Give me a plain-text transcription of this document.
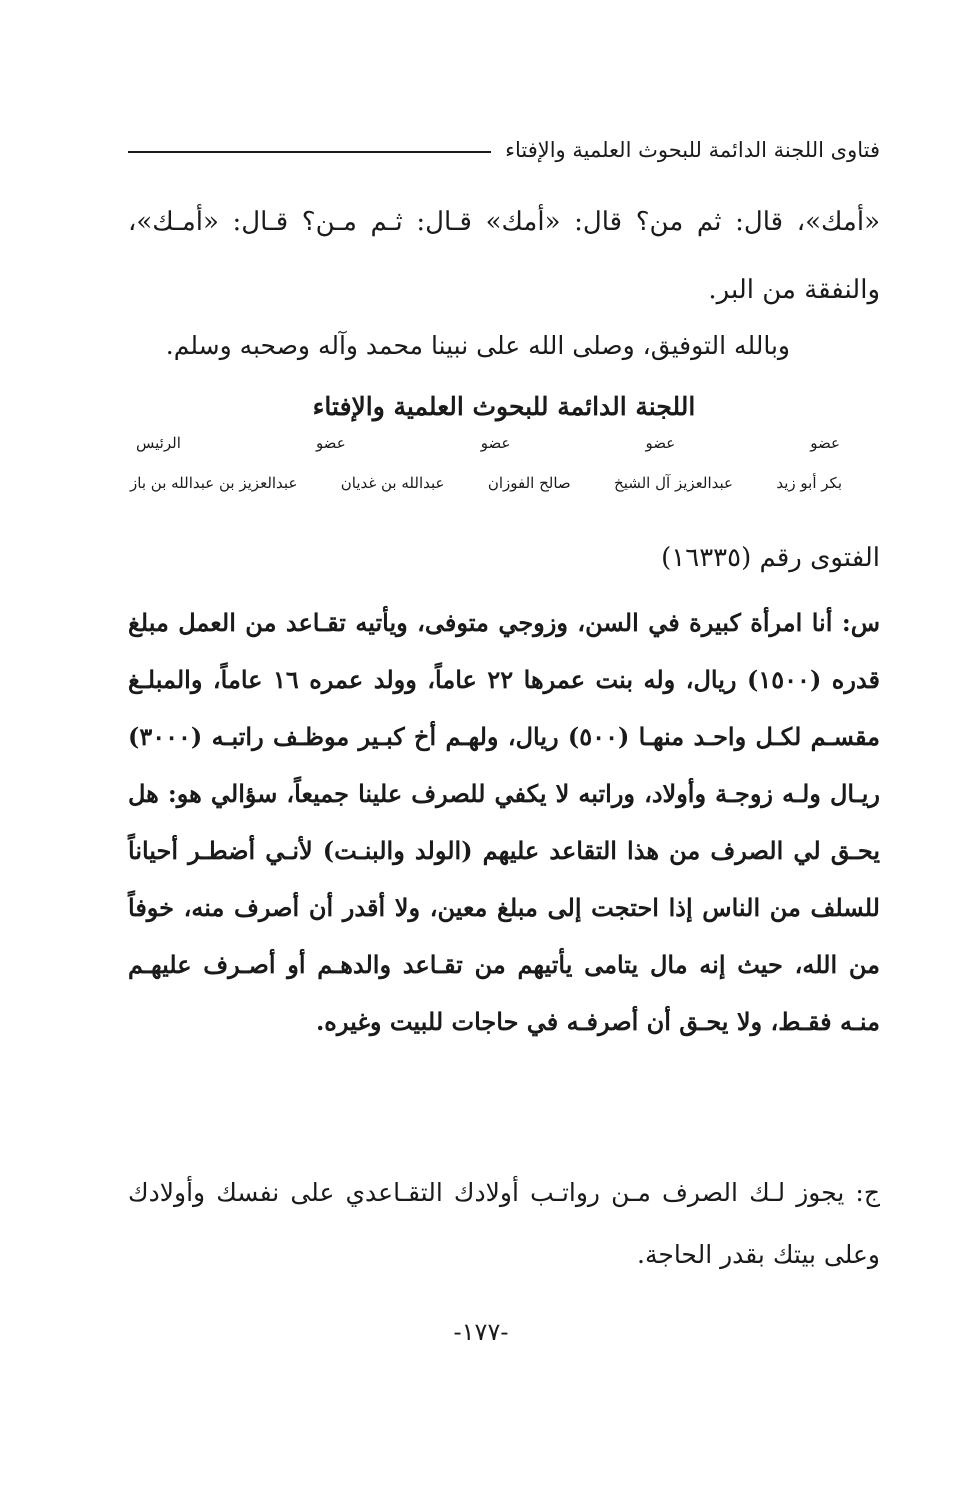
فتاوى اللجنة الدائمة للبحوث العلمية والإفتاء
«أمك»، قال: ثم من؟ قال: «أمك» قـال: ثـم مـن؟ قـال: «أمـك»، والنفقة من البر.
وبالله التوفيق، وصلى الله على نبينا محمد وآله وصحبه وسلم.
اللجنة الدائمة للبحوث العلمية والإفتاء
عضو
عضو
عضو
عضو
الرئيس
بكر أبو زيد
عبدالعزيز آل الشيخ
صالح الفوزان
عبدالله بن غديان
عبدالعزيز بن عبدالله بن باز
الفتوى رقم (١٦٣٣٥)
س: أنا امرأة كبيرة في السن، وزوجي متوفى، ويأتيه تقـاعد من العمل مبلغ قدره (١٥٠٠) ريال، وله بنت عمرها ٢٢ عاماً، وولد عمره ١٦ عاماً، والمبلـغ مقسـم لكـل واحـد منهـا (٥٠٠) ريال، ولهـم أخ كبـير موظـف راتبـه (٣٠٠٠) ريـال ولـه زوجـة وأولاد، وراتبه لا يكفي للصرف علينا جميعاً، سؤالي هو: هل يحـق لي الصرف من هذا التقاعد عليهم (الولد والبنـت) لأنـي أضطـر أحياناً للسلف من الناس إذا احتجت إلى مبلغ معين، ولا أقدر أن أصرف منه، خوفاً من الله، حيث إنه مال يتامى يأتيهم من تقـاعد والدهـم أو أصـرف عليهـم منـه فقـط، ولا يحـق أن أصرفـه في حاجات للبيت وغيره.
ج: يجوز لـك الصرف مـن رواتـب أولادك التقـاعدي على نفسك وأولادك وعلى بيتك بقدر الحاجة.
-١٧٧-
